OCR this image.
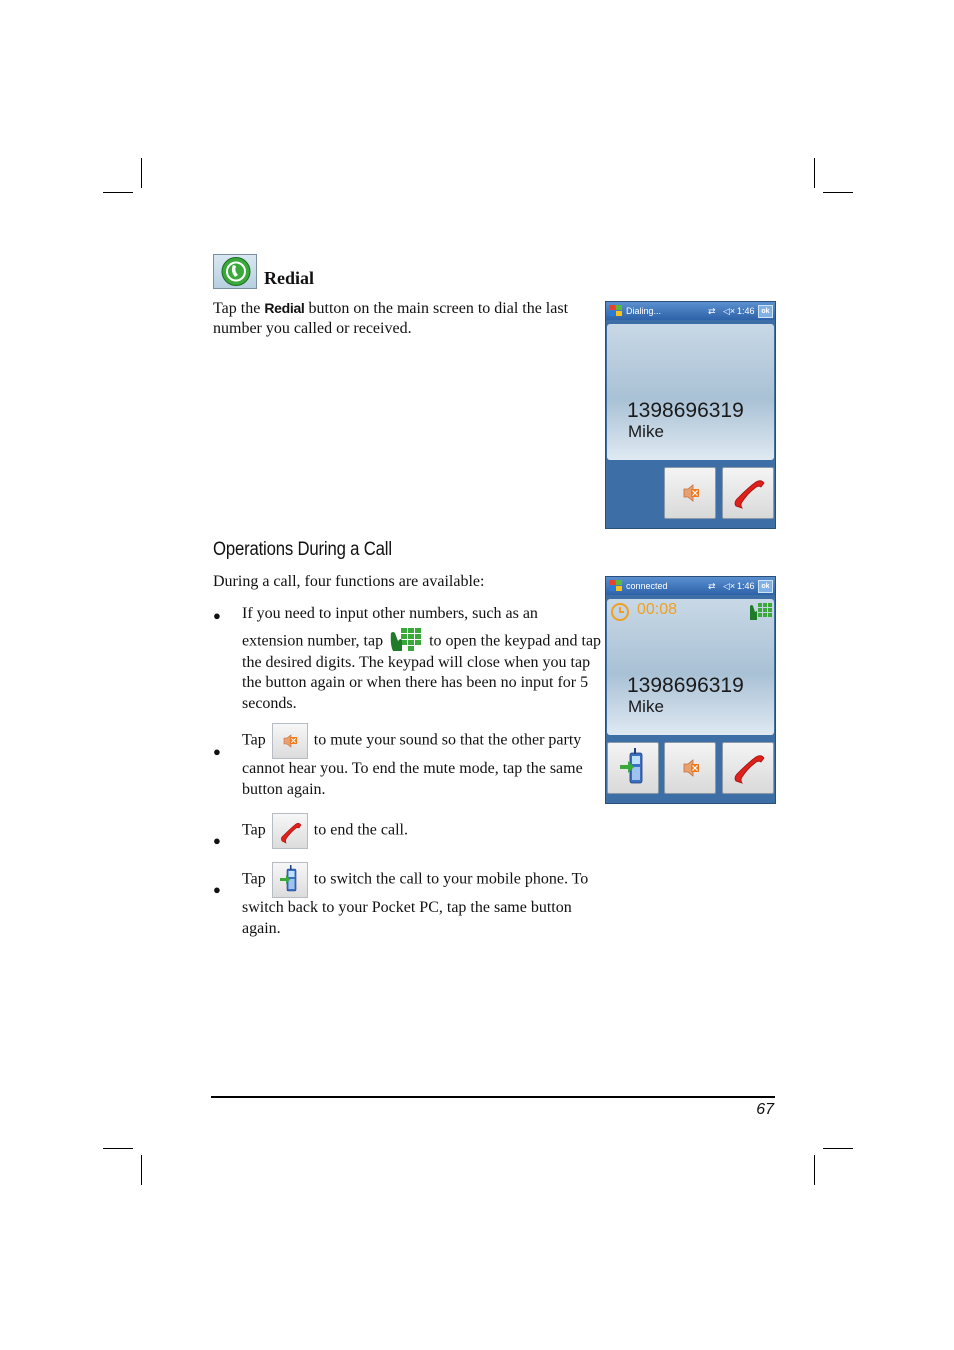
Redial
Tap the Redial button on the main screen to dial the last number you called or received.
Dialing...	⇄ ◁× 1:46 ok
1398696319
Mike
Operations During a Call
During a call, four functions are available:
● If you need to input other numbers, such as an
extension number, tap
to open the keypad and tap the desired digits. The keypad will close when you tap the button again or when there has been no input for 5 seconds.
●
Tap	to mute your sound so that the other party cannot hear you. To end the mute mode, tap the same button again.
●
Tap	to end the call.
●
Tap	to switch the call to your mobile phone. To switch back to your Pocket PC, tap the same button again.
connected	⇄ ◁× 1:46 ok
00:08
1398696319
Mike
67
